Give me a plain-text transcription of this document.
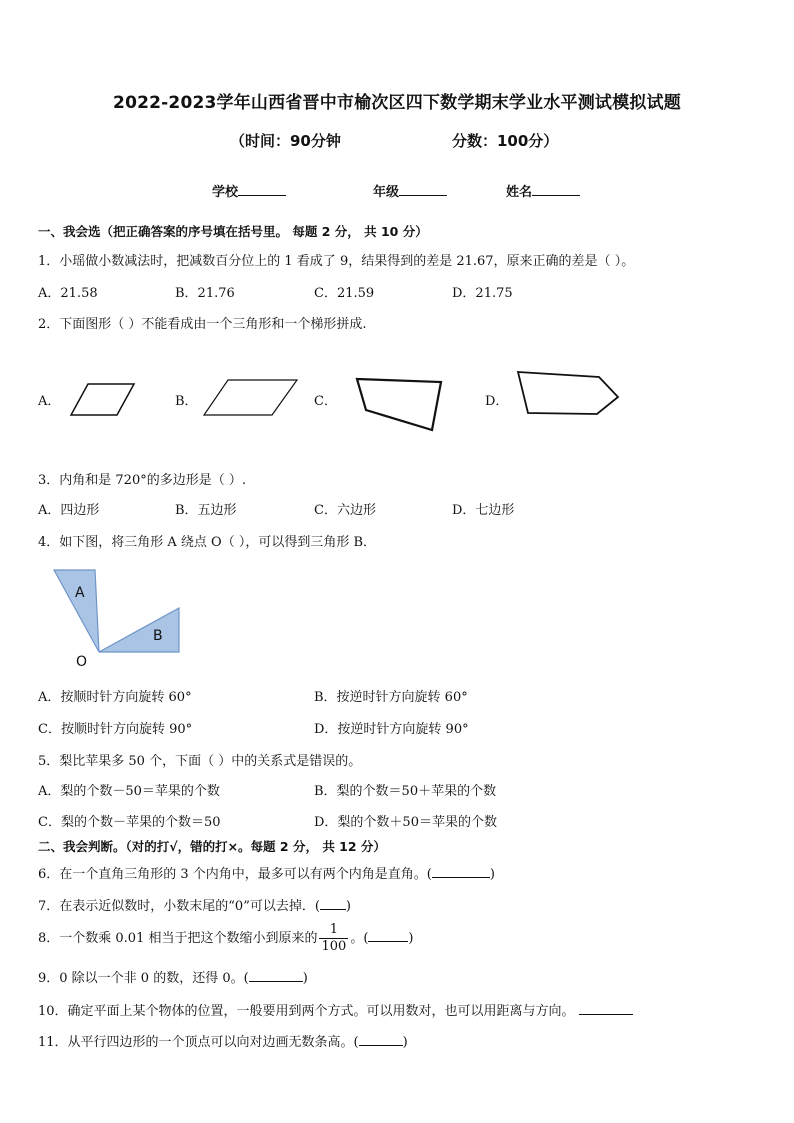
2022-2023学年山西省晋中市榆次区四下数学期末学业水平测试模拟试题
（时间：90分钟	分数：100分）
学校	年级	姓名
一、我会选（把正确答案的序号填在括号里。 每题 2 分， 共 10 分）
1．小瑶做小数减法时，把减数百分位上的 1 看成了 9，结果得到的差是 21.67，原来正确的差是（ ）。
A．21.58	B．21.76	C．21.59	D．21.75
2．下面图形（ ）不能看成由一个三角形和一个梯形拼成.
A．	B．	C．	D．
3．内角和是 720°的多边形是（ ）.
A．四边形	B．五边形	C．六边形	D．七边形
4．如下图，将三角形 A 绕点 O（ ），可以得到三角形 B．
A
B
O
A．按顺时针方向旋转 60°	B．按逆时针方向旋转 60°
C．按顺时针方向旋转 90°	D．按逆时针方向旋转 90°
5．梨比苹果多 50 个，下面（ ）中的关系式是错误的。
A．梨的个数－50＝苹果的个数	B．梨的个数＝50＋苹果的个数
C．梨的个数－苹果的个数＝50	D．梨的个数＋50＝苹果的个数
二、我会判断。（对的打√，错的打×。每题 2 分， 共 12 分）
6．在一个直角三角形的 3 个内角中，最多可以有两个内角是直角。(	)
7．在表示近似数时，小数末尾的“0”可以去掉．( )
8．一个数乘 0.01 相当于把这个数缩小到原来的 $\frac{1}{100}$ 。(	)
9．0 除以一个非 0 的数，还得 0。(	)
10．确定平面上某个物体的位置，一般要用到两个方式。可以用数对，也可以用距离与方向。
11．从平行四边形的一个顶点可以向对边画无数条高。(	)
